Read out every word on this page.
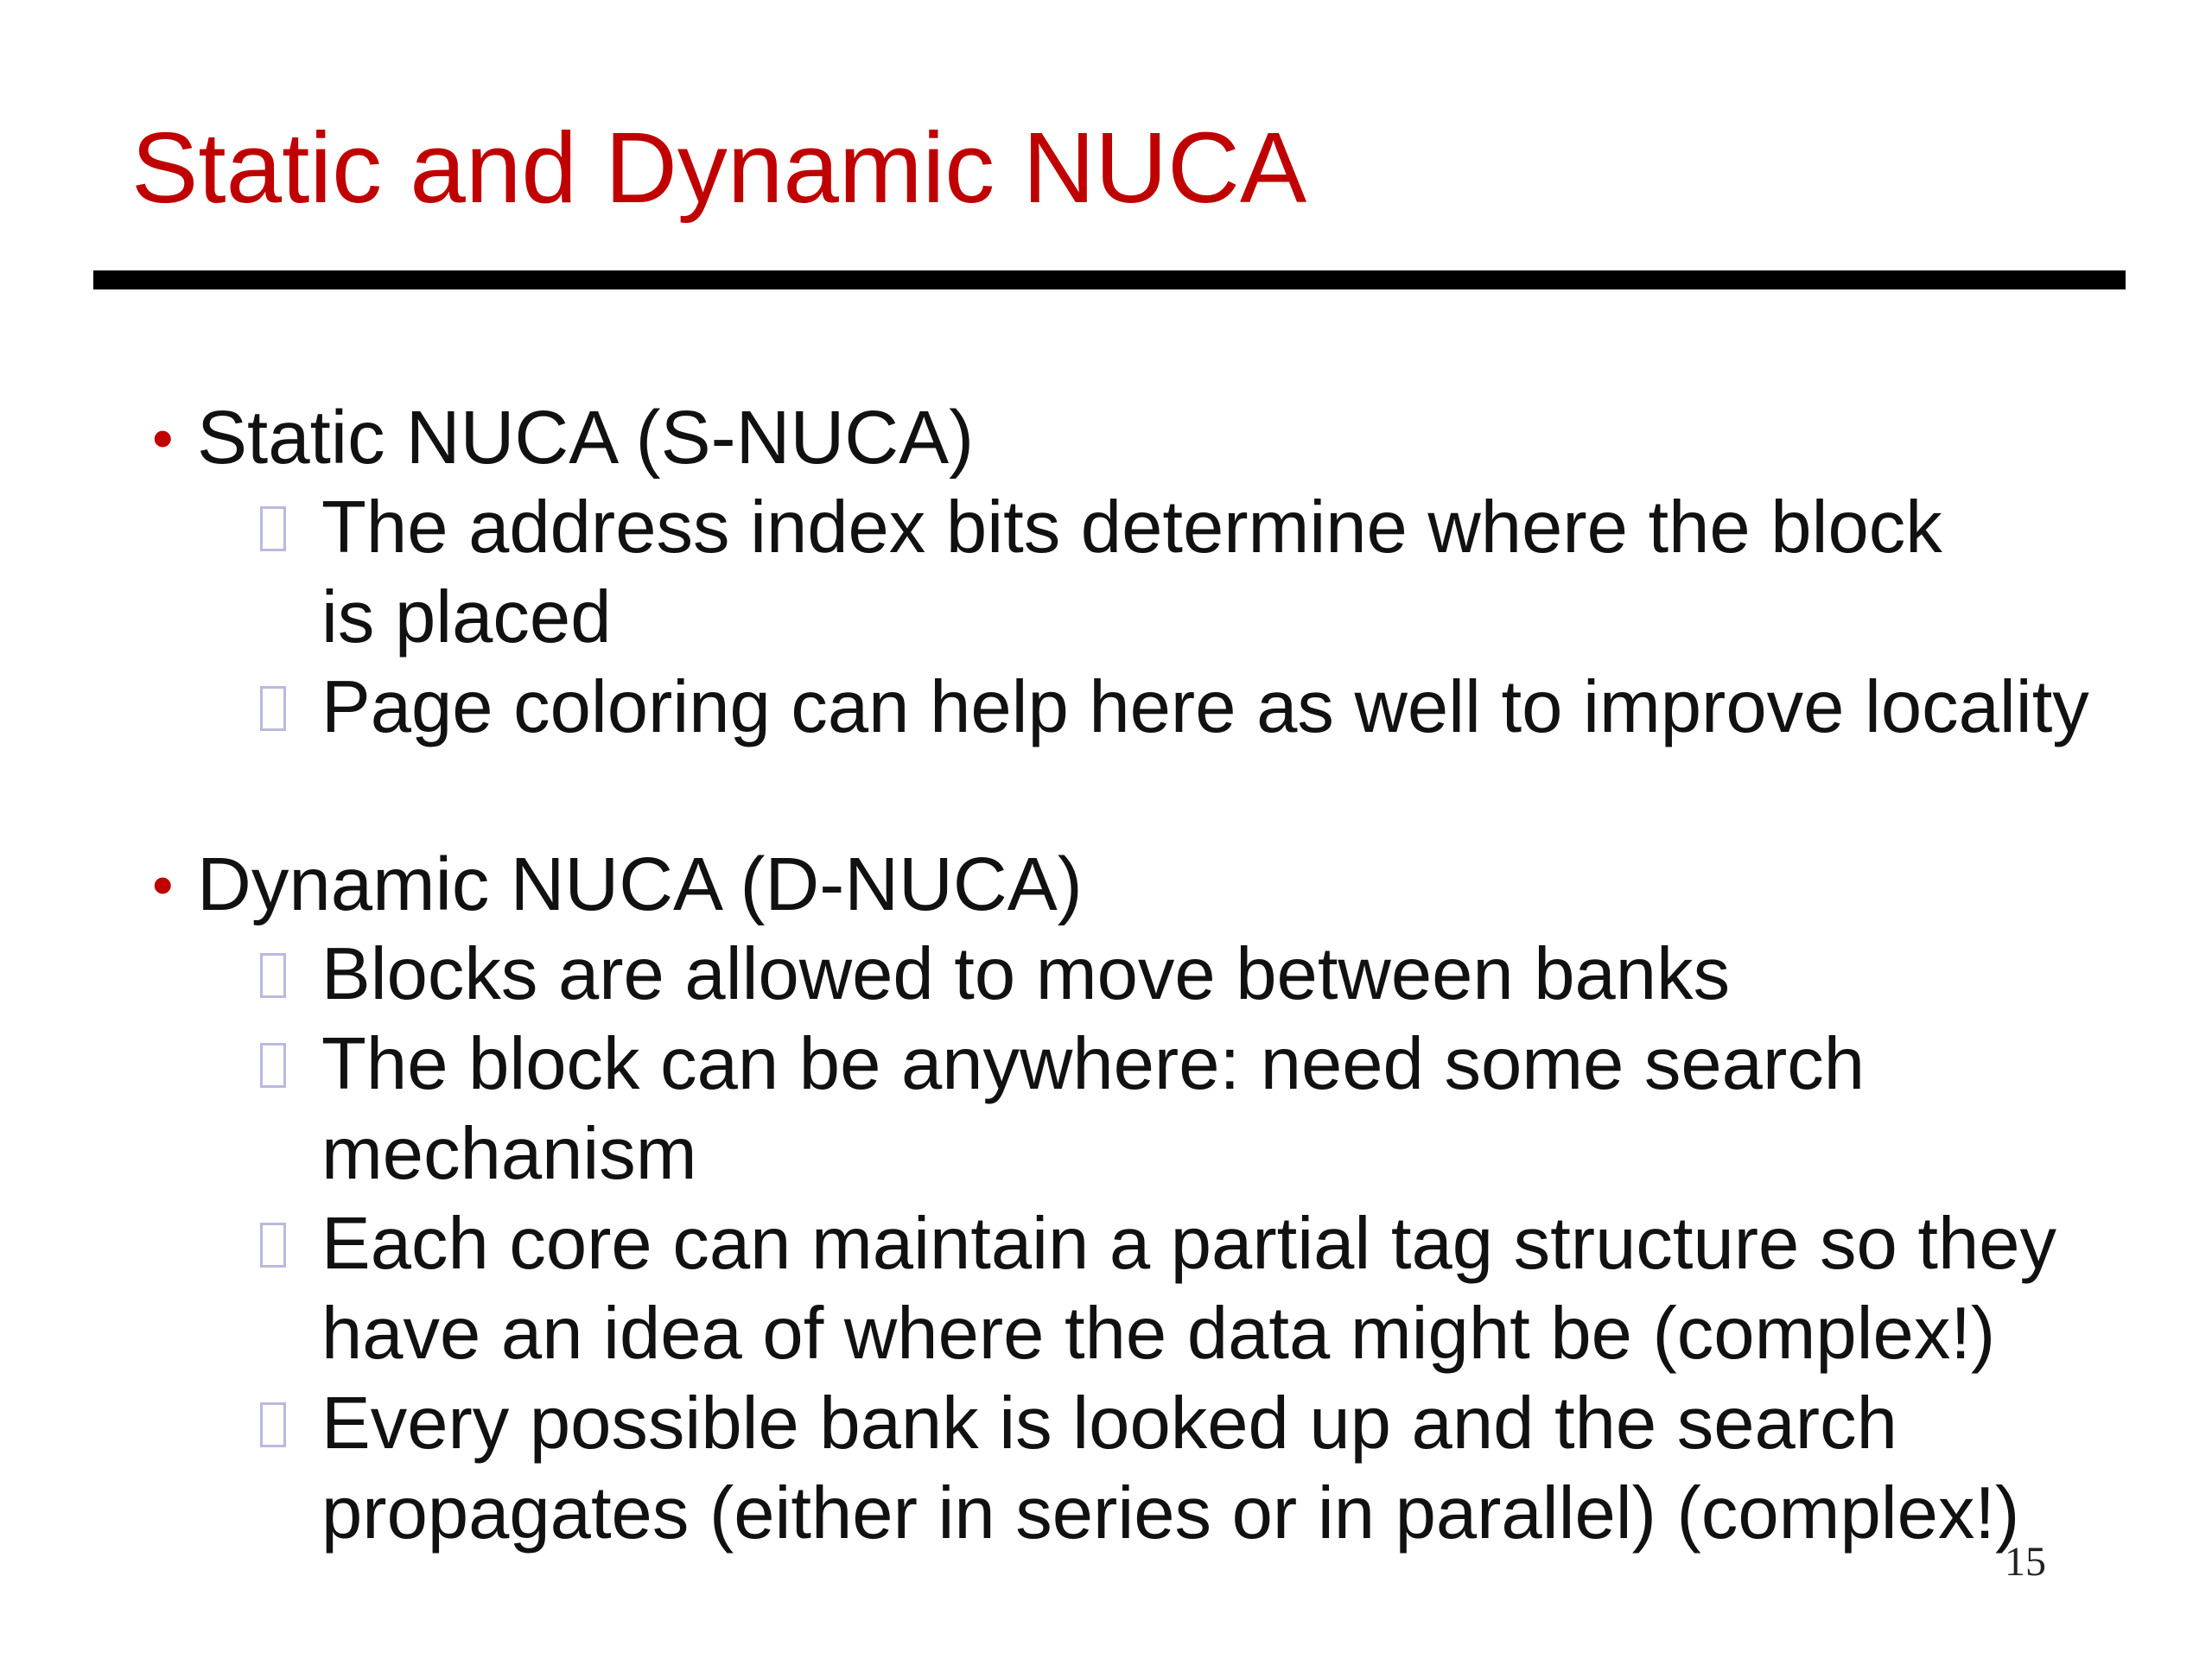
Static and Dynamic NUCA
• Static NUCA (S-NUCA)
The address index bits determine where the block
is placed
Page coloring can help here as well to improve locality
• Dynamic NUCA (D-NUCA)
Blocks are allowed to move between banks
The block can be anywhere: need some search
mechanism
Each core can maintain a partial tag structure so they
have an idea of where the data might be (complex!)
Every possible bank is looked up and the search
propagates (either in series or in parallel) (complex!)
15
